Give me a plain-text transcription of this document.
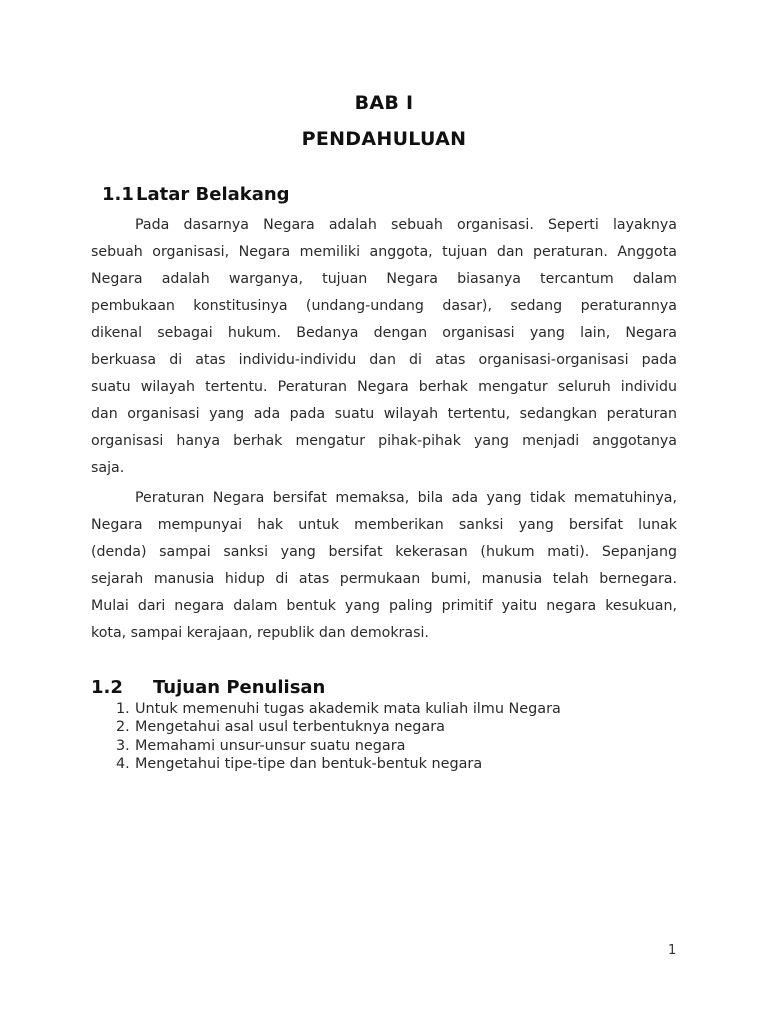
BAB I
PENDAHULUAN
1.1 Latar Belakang
Pada dasarnya Negara adalah sebuah organisasi. Seperti layaknya
sebuah organisasi, Negara memiliki anggota, tujuan dan peraturan. Anggota
Negara adalah warganya, tujuan Negara biasanya tercantum dalam
pembukaan konstitusinya (undang-undang dasar), sedang peraturannya
dikenal sebagai hukum. Bedanya dengan organisasi yang lain, Negara
berkuasa di atas individu-individu dan di atas organisasi-organisasi pada
suatu wilayah tertentu. Peraturan Negara berhak mengatur seluruh individu
dan organisasi yang ada pada suatu wilayah tertentu, sedangkan peraturan
organisasi hanya berhak mengatur pihak-pihak yang menjadi anggotanya
saja.
Peraturan Negara bersifat memaksa, bila ada yang tidak mematuhinya,
Negara mempunyai hak untuk memberikan sanksi yang bersifat lunak
(denda) sampai sanksi yang bersifat kekerasan (hukum mati). Sepanjang
sejarah manusia hidup di atas permukaan bumi, manusia telah bernegara.
Mulai dari negara dalam bentuk yang paling primitif yaitu negara kesukuan,
kota, sampai kerajaan, republik dan demokrasi.
1.2 Tujuan Penulisan
1. Untuk memenuhi tugas akademik mata kuliah ilmu Negara
2. Mengetahui asal usul terbentuknya negara
3. Memahami unsur-unsur suatu negara
4. Mengetahui tipe-tipe dan bentuk-bentuk negara
1
